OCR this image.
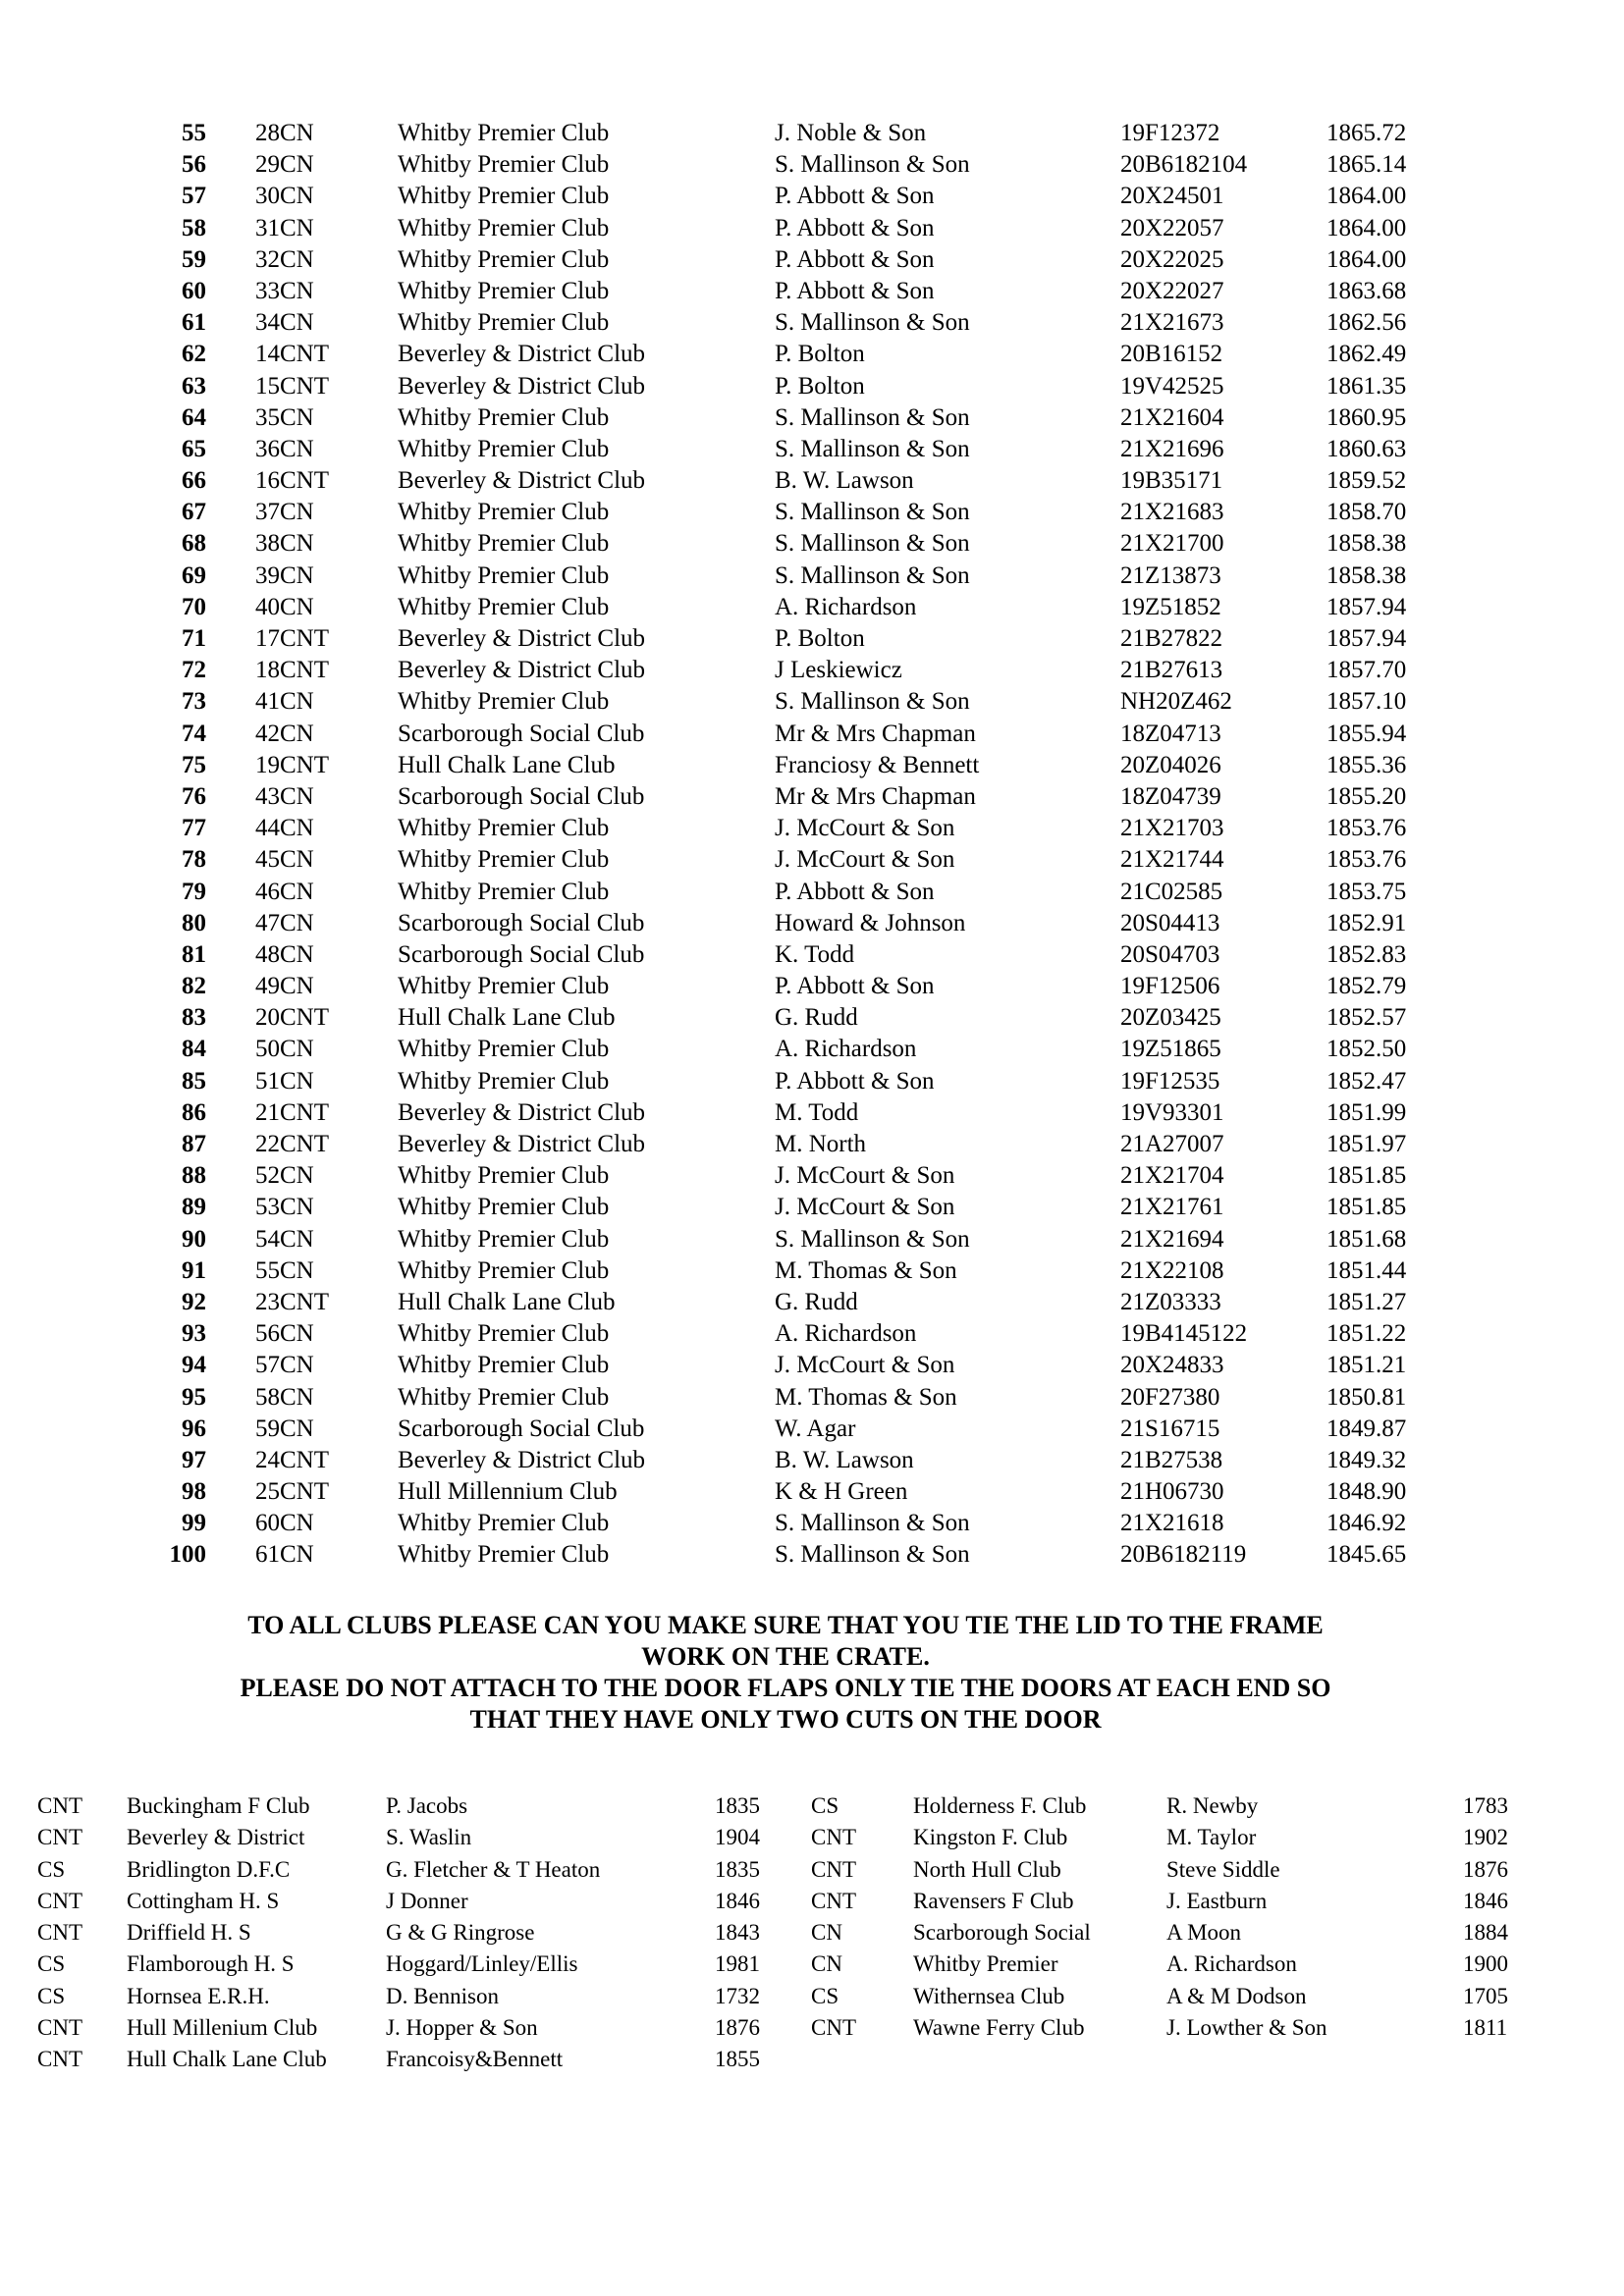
55 28CN	Whitby Premier Club	J. Noble & Son	19F12372	1865.72
56 29CN	Whitby Premier Club	S. Mallinson & Son	20B6182104	1865.14
57 30CN	Whitby Premier Club	P. Abbott & Son	20X24501	1864.00
58 31CN	Whitby Premier Club	P. Abbott & Son	20X22057	1864.00
59 32CN	Whitby Premier Club	P. Abbott & Son	20X22025	1864.00
60 33CN	Whitby Premier Club	P. Abbott & Son	20X22027	1863.68
61 34CN	Whitby Premier Club	S. Mallinson & Son	21X21673	1862.56
62 14CNT	Beverley & District Club	P. Bolton	20B16152	1862.49
63 15CNT	Beverley & District Club	P. Bolton	19V42525	1861.35
64 35CN	Whitby Premier Club	S. Mallinson & Son	21X21604	1860.95
65 36CN	Whitby Premier Club	S. Mallinson & Son	21X21696	1860.63
66 16CNT	Beverley & District Club	B. W. Lawson	19B35171	1859.52
67 37CN	Whitby Premier Club	S. Mallinson & Son	21X21683	1858.70
68 38CN	Whitby Premier Club	S. Mallinson & Son	21X21700	1858.38
69 39CN	Whitby Premier Club	S. Mallinson & Son	21Z13873	1858.38
70 40CN	Whitby Premier Club	A. Richardson	19Z51852	1857.94
71 17CNT	Beverley & District Club	P. Bolton	21B27822	1857.94
72 18CNT	Beverley & District Club	J Leskiewicz	21B27613	1857.70
73 41CN	Whitby Premier Club	S. Mallinson & Son	NH20Z462	1857.10
74 42CN	Scarborough Social Club	Mr & Mrs Chapman	18Z04713	1855.94
75 19CNT	Hull Chalk Lane Club	Franciosy & Bennett	20Z04026	1855.36
76 43CN	Scarborough Social Club	Mr & Mrs Chapman	18Z04739	1855.20
77 44CN	Whitby Premier Club	J. McCourt & Son	21X21703	1853.76
78 45CN	Whitby Premier Club	J. McCourt & Son	21X21744	1853.76
79 46CN	Whitby Premier Club	P. Abbott & Son	21C02585	1853.75
80 47CN	Scarborough Social Club	Howard & Johnson	20S04413	1852.91
81 48CN	Scarborough Social Club	K. Todd	20S04703	1852.83
82 49CN	Whitby Premier Club	P. Abbott & Son	19F12506	1852.79
83 20CNT	Hull Chalk Lane Club	G. Rudd	20Z03425	1852.57
84 50CN	Whitby Premier Club	A. Richardson	19Z51865	1852.50
85 51CN	Whitby Premier Club	P. Abbott & Son	19F12535	1852.47
86 21CNT	Beverley & District Club	M. Todd	19V93301	1851.99
87 22CNT	Beverley & District Club	M. North	21A27007	1851.97
88 52CN	Whitby Premier Club	J. McCourt & Son	21X21704	1851.85
89 53CN	Whitby Premier Club	J. McCourt & Son	21X21761	1851.85
90 54CN	Whitby Premier Club	S. Mallinson & Son	21X21694	1851.68
91 55CN	Whitby Premier Club	M. Thomas & Son	21X22108	1851.44
92 23CNT	Hull Chalk Lane Club	G. Rudd	21Z03333	1851.27
93 56CN	Whitby Premier Club	A. Richardson	19B4145122	1851.22
94 57CN	Whitby Premier Club	J. McCourt & Son	20X24833	1851.21
95 58CN	Whitby Premier Club	M. Thomas & Son	20F27380	1850.81
96 59CN	Scarborough Social Club	W. Agar	21S16715	1849.87
97 24CNT	Beverley & District Club	B. W. Lawson	21B27538	1849.32
98 25CNT	Hull Millennium Club	K & H Green	21H06730	1848.90
99 60CN	Whitby Premier Club	S. Mallinson & Son	21X21618	1846.92
100 61CN	Whitby Premier Club	S. Mallinson & Son	20B6182119	1845.65
TO ALL CLUBS PLEASE CAN YOU MAKE SURE THAT YOU TIE THE LID TO THE FRAME
WORK ON THE CRATE.
PLEASE DO NOT ATTACH TO THE DOOR FLAPS ONLY TIE THE DOORS AT EACH END SO
THAT THEY HAVE ONLY TWO CUTS ON THE DOOR
CNT Buckingham F Club	P. Jacobs	1835
CNT Beverley & District	S. Waslin	1904
CS	Bridlington D.F.C	G. Fletcher & T Heaton	1835
CNT Cottingham H. S	J Donner	1846
CNT Driffield H. S	G & G Ringrose	1843
CS	Flamborough H. S	Hoggard/Linley/Ellis	1981
CS	Hornsea E.R.H.	D. Bennison	1732
CNT Hull Millenium Club	J. Hopper & Son	1876
CNT Hull Chalk Lane Club	Francoisy&Bennett	1855
CS	Holderness F. Club	R. Newby	1783
CNT	Kingston F. Club	M. Taylor	1902
CNT	North Hull Club	Steve Siddle	1876
CNT	Ravensers F Club	J. Eastburn	1846
CN	Scarborough Social	A Moon	1884
CN	Whitby Premier	A. Richardson	1900
CS	Withernsea Club	A & M Dodson	1705
CNT	Wawne Ferry Club	J. Lowther & Son	1811
